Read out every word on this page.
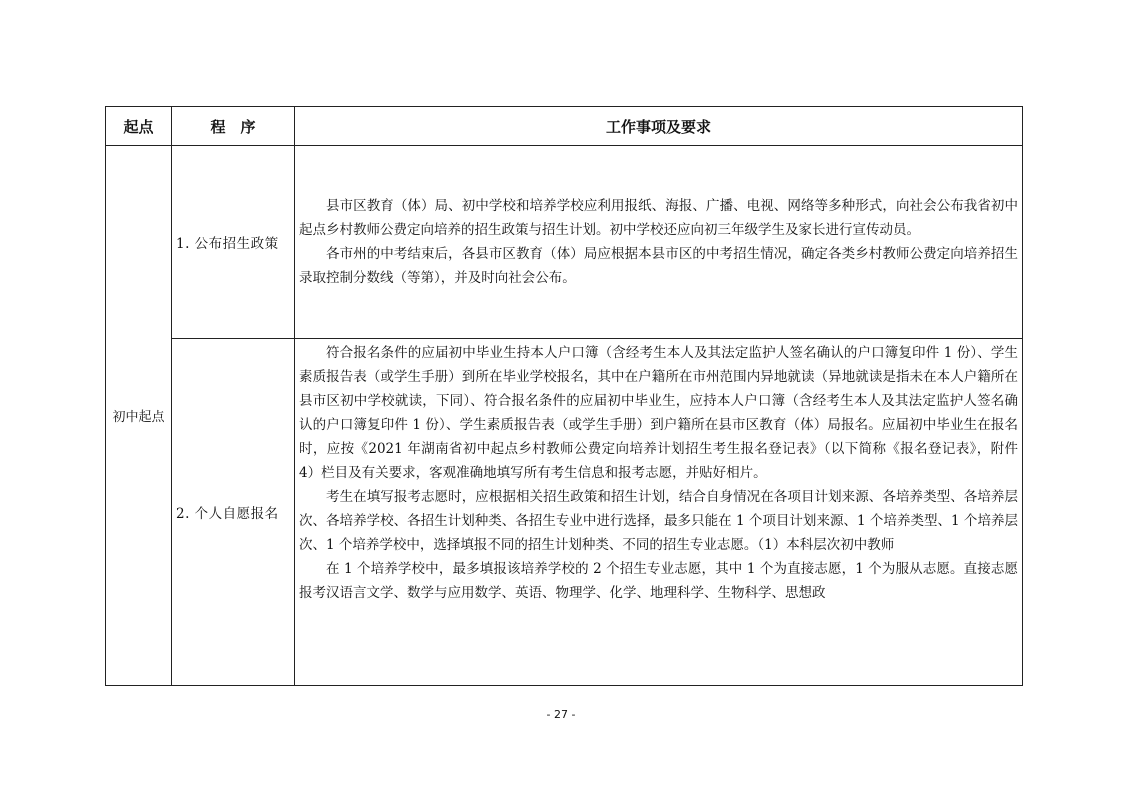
起点	程　序	工作事项及要求
初中起点	1. 公布招生政策	县市区教育（体）局、初中学校和培养学校应利用报纸、海报、广播、电视、网络等多种形式，向社会公布我省初中起点乡村教师公费定向培养的招生政策与招生计划。初中学校还应向初三年级学生及家长进行宣传动员。

各市州的中考结束后，各县市区教育（体）局应根据本县市区的中考招生情况，确定各类乡村教师公费定向培养招生录取控制分数线（等第），并及时向社会公布。

	2. 个人自愿报名	符合报名条件的应届初中毕业生持本人户口簿（含经考生本人及其法定监护人签名确认的户口簿复印件 1 份）、学生素质报告表（或学生手册）到所在毕业学校报名，其中在户籍所在市州范围内异地就读（异地就读是指未在本人户籍所在县市区初中学校就读，下同）、符合报名条件的应届初中毕业生，应持本人户口簿（含经考生本人及其法定监护人签名确认的户口簿复印件 1 份）、学生素质报告表（或学生手册）到户籍所在县市区教育（体）局报名。应届初中毕业生在报名时，应按《2021 年湖南省初中起点乡村教师公费定向培养计划招生考生报名登记表》（以下简称《报名登记表》，附件 4）栏目及有关要求，客观准确地填写所有考生信息和报考志愿，并贴好相片。

考生在填写报考志愿时，应根据相关招生政策和招生计划，结合自身情况在各项目计划来源、各培养类型、各培养层次、各培养学校、各招生计划种类、各招生专业中进行选择，最多只能在 1 个项目计划来源、1 个培养类型、1 个培养层次、1 个培养学校中，选择填报不同的招生计划种类、不同的招生专业志愿。（1）本科层次初中教师

在 1 个培养学校中，最多填报该培养学校的 2 个招生专业志愿，其中 1 个为直接志愿，1 个为服从志愿。直接志愿报考汉语言文学、数学与应用数学、英语、物理学、化学、地理科学、生物科学、思想政

- 27 -
